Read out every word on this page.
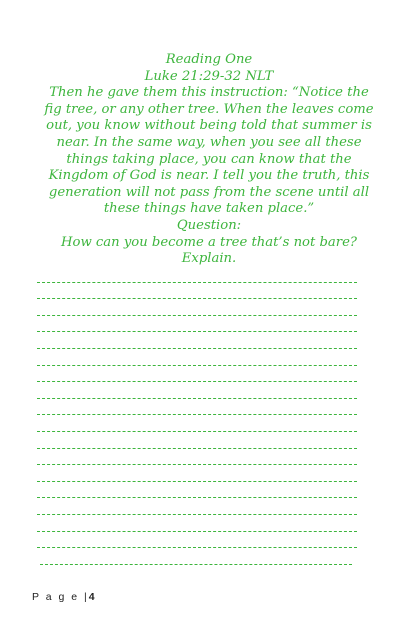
Reading One
Luke 21:29-32 NLT
Then he gave them this instruction: “Notice the
fig tree, or any other tree. When the leaves come
out, you know without being told that summer is
near. In the same way, when you see all these
things taking place, you can know that the
Kingdom of God is near. I tell you the truth, this
generation will not pass from the scene until all
these things have taken place.”
Question:
How can you become a tree that’s not bare?
Explain.
P a g e |4
